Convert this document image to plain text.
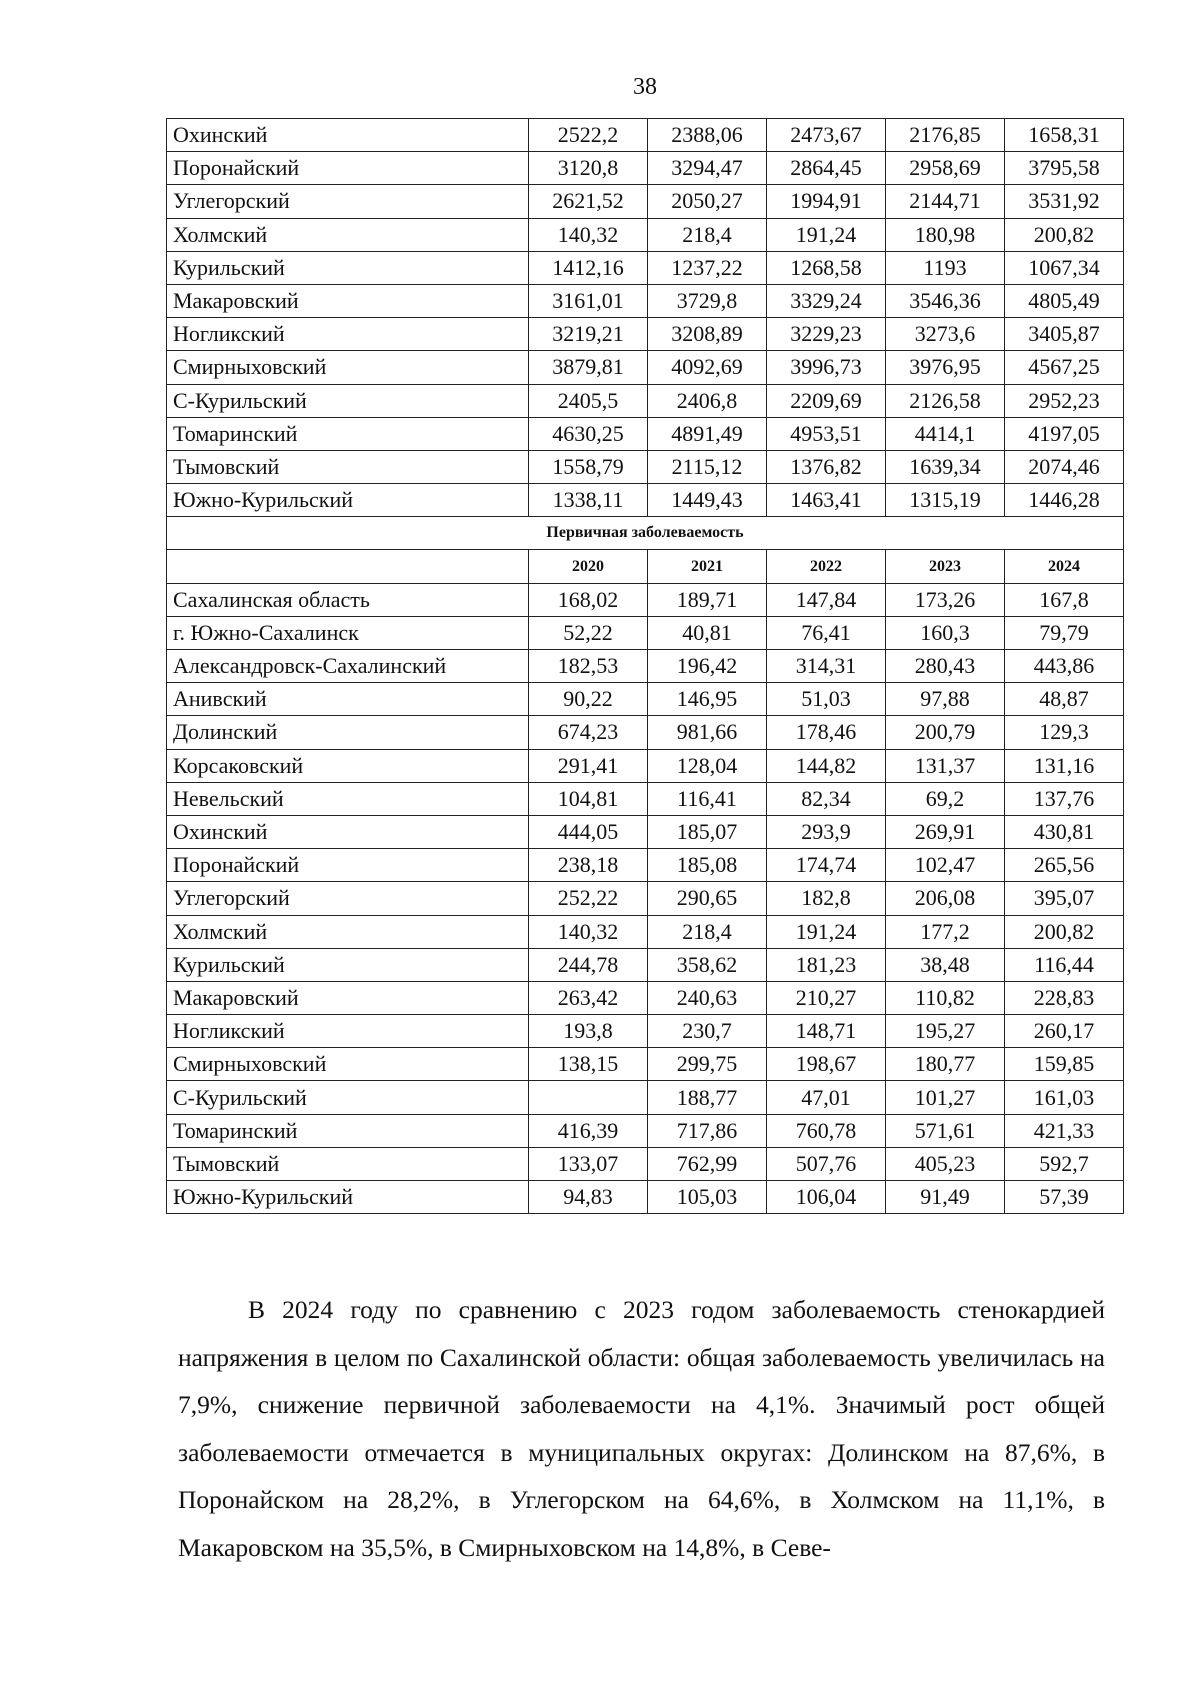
38
Охинский	2522,2	2388,06	2473,67	2176,85	1658,31
Поронайский	3120,8	3294,47	2864,45	2958,69	3795,58
Углегорский	2621,52	2050,27	1994,91	2144,71	3531,92
Холмский	140,32	218,4	191,24	180,98	200,82
Курильский	1412,16	1237,22	1268,58	1193	1067,34
Макаровский	3161,01	3729,8	3329,24	3546,36	4805,49
Ногликский	3219,21	3208,89	3229,23	3273,6	3405,87
Смирныховский	3879,81	4092,69	3996,73	3976,95	4567,25
С-Курильский	2405,5	2406,8	2209,69	2126,58	2952,23
Томаринский	4630,25	4891,49	4953,51	4414,1	4197,05
Тымовский	1558,79	2115,12	1376,82	1639,34	2074,46
Южно-Курильский	1338,11	1449,43	1463,41	1315,19	1446,28
Первичная заболеваемость					
	2020	2021	2022	2023	2024
Сахалинская область	168,02	189,71	147,84	173,26	167,8
г. Южно-Сахалинск	52,22	40,81	76,41	160,3	79,79
Александровск-Сахалинский	182,53	196,42	314,31	280,43	443,86
Анивский	90,22	146,95	51,03	97,88	48,87
Долинский	674,23	981,66	178,46	200,79	129,3
Корсаковский	291,41	128,04	144,82	131,37	131,16
Невельский	104,81	116,41	82,34	69,2	137,76
Охинский	444,05	185,07	293,9	269,91	430,81
Поронайский	238,18	185,08	174,74	102,47	265,56
Углегорский	252,22	290,65	182,8	206,08	395,07
Холмский	140,32	218,4	191,24	177,2	200,82
Курильский	244,78	358,62	181,23	38,48	116,44
Макаровский	263,42	240,63	210,27	110,82	228,83
Ногликский	193,8	230,7	148,71	195,27	260,17
Смирныховский	138,15	299,75	198,67	180,77	159,85
С-Курильский		188,77	47,01	101,27	161,03
Томаринский	416,39	717,86	760,78	571,61	421,33
Тымовский	133,07	762,99	507,76	405,23	592,7
Южно-Курильский	94,83	105,03	106,04	91,49	57,39

В 2024 году по сравнению с 2023 годом заболеваемость стенокардией напряжения в целом по Сахалинской области: общая заболеваемость увеличилась на 7,9%, снижение первичной заболеваемости на 4,1%. Значимый рост общей заболеваемости отмечается в муниципальных округах: Долинском на 87,6%, в Поронайском на 28,2%, в Углегорском на 64,6%, в Холмском на 11,1%, в Макаровском на 35,5%, в Смирныховском на 14,8%, в Севе-
